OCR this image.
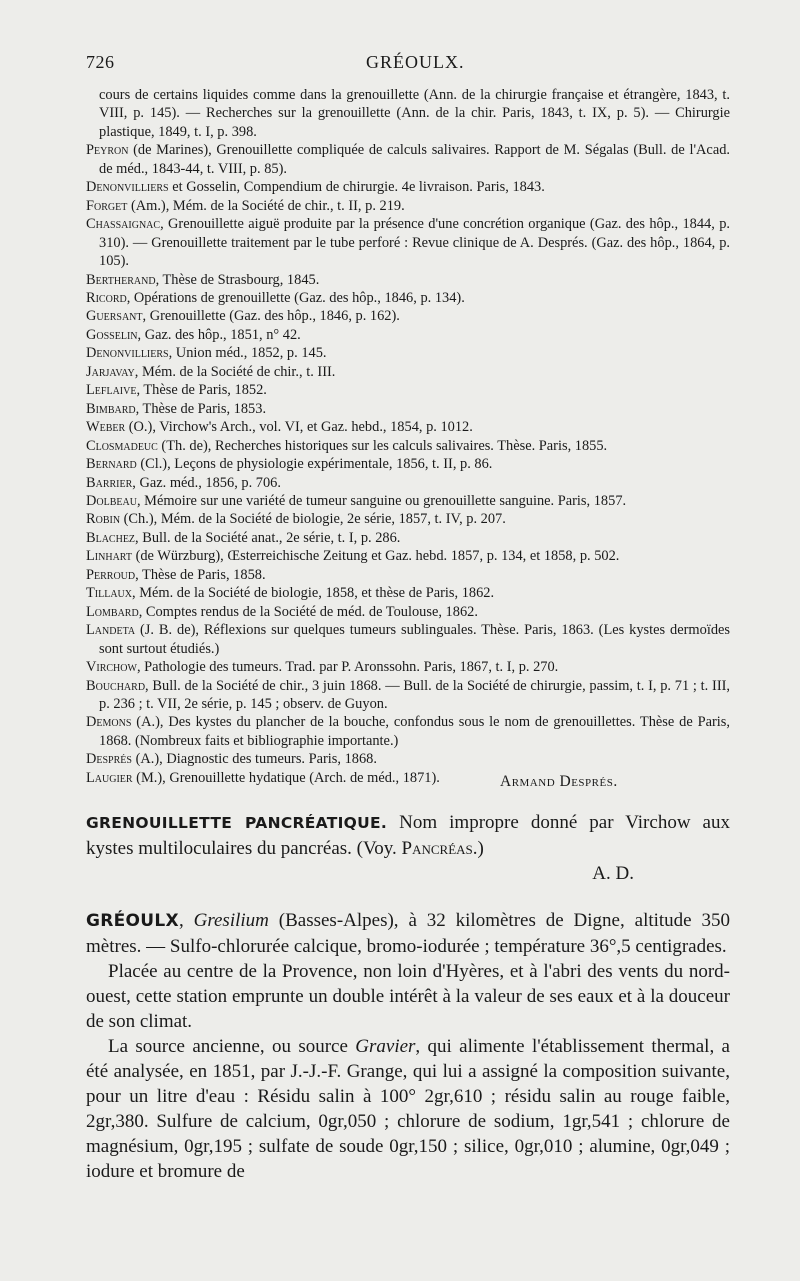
726	GRÉOULX.
cours de certains liquides comme dans la grenouillette (Ann. de la chirurgie française et étrangère, 1843, t. VIII, p. 145). — Recherches sur la grenouillette (Ann. de la chir. Paris, 1843, t. IX, p. 5). — Chirurgie plastique, 1849, t. I, p. 398.
Peyron (de Marines), Grenouillette compliquée de calculs salivaires. Rapport de M. Ségalas (Bull. de l'Acad. de méd., 1843-44, t. VIII, p. 85).
Denonvilliers et Gosselin, Compendium de chirurgie. 4e livraison. Paris, 1843.
Forget (Am.), Mém. de la Société de chir., t. II, p. 219.
Chassaignac, Grenouillette aiguë produite par la présence d'une concrétion organique (Gaz. des hôp., 1844, p. 310). — Grenouillette traitement par le tube perforé : Revue clinique de A. Després. (Gaz. des hôp., 1864, p. 105).
Bertherand, Thèse de Strasbourg, 1845.
Ricord, Opérations de grenouillette (Gaz. des hôp., 1846, p. 134).
Guersant, Grenouillette (Gaz. des hôp., 1846, p. 162).
Gosselin, Gaz. des hôp., 1851, n° 42.
Denonvilliers, Union méd., 1852, p. 145.
Jarjavay, Mém. de la Société de chir., t. III.
Leflaive, Thèse de Paris, 1852.
Bimbard, Thèse de Paris, 1853.
Weber (O.), Virchow's Arch., vol. VI, et Gaz. hebd., 1854, p. 1012.
Closmadeuc (Th. de), Recherches historiques sur les calculs salivaires. Thèse. Paris, 1855.
Bernard (Cl.), Leçons de physiologie expérimentale, 1856, t. II, p. 86.
Barrier, Gaz. méd., 1856, p. 706.
Dolbeau, Mémoire sur une variété de tumeur sanguine ou grenouillette sanguine. Paris, 1857.
Robin (Ch.), Mém. de la Société de biologie, 2e série, 1857, t. IV, p. 207.
Blachez, Bull. de la Société anat., 2e série, t. I, p. 286.
Linhart (de Würzburg), Œsterreichische Zeitung et Gaz. hebd. 1857, p. 134, et 1858, p. 502.
Perroud, Thèse de Paris, 1858.
Tillaux, Mém. de la Société de biologie, 1858, et thèse de Paris, 1862.
Lombard, Comptes rendus de la Société de méd. de Toulouse, 1862.
Landeta (J. B. de), Réflexions sur quelques tumeurs sublinguales. Thèse. Paris, 1863. (Les kystes dermoïdes sont surtout étudiés.)
Virchow, Pathologie des tumeurs. Trad. par P. Aronssohn. Paris, 1867, t. I, p. 270.
Bouchard, Bull. de la Société de chir., 3 juin 1868. — Bull. de la Société de chirurgie, passim, t. I, p. 71 ; t. III, p. 236 ; t. VII, 2e série, p. 145 ; observ. de Guyon.
Demons (A.), Des kystes du plancher de la bouche, confondus sous le nom de grenouillettes. Thèse de Paris, 1868. (Nombreux faits et bibliographie importante.)
Després (A.), Diagnostic des tumeurs. Paris, 1868.
Laugier (M.), Grenouillette hydatique (Arch. de méd., 1871).	Armand Després.
GRENOUILLETTE PANCRÉATIQUE. Nom impropre donné par Virchow aux kystes multiloculaires du pancréas. (Voy. Pancréas.)
A. D.
GRÉOULX, Gresilium (Basses-Alpes), à 32 kilomètres de Digne, altitude 350 mètres. — Sulfo-chlorurée calcique, bromo-iodurée ; température 36°,5 centigrades.
Placée au centre de la Provence, non loin d'Hyères, et à l'abri des vents du nord-ouest, cette station emprunte un double intérêt à la valeur de ses eaux et à la douceur de son climat.
La source ancienne, ou source Gravier, qui alimente l'établissement thermal, a été analysée, en 1851, par J.-J.-F. Grange, qui lui a assigné la composition suivante, pour un litre d'eau : Résidu salin à 100° 2gr,610 ; résidu salin au rouge faible, 2gr,380. Sulfure de calcium, 0gr,050 ; chlorure de sodium, 1gr,541 ; chlorure de magnésium, 0gr,195 ; sulfate de soude 0gr,150 ; silice, 0gr,010 ; alumine, 0gr,049 ; iodure et bromure de
